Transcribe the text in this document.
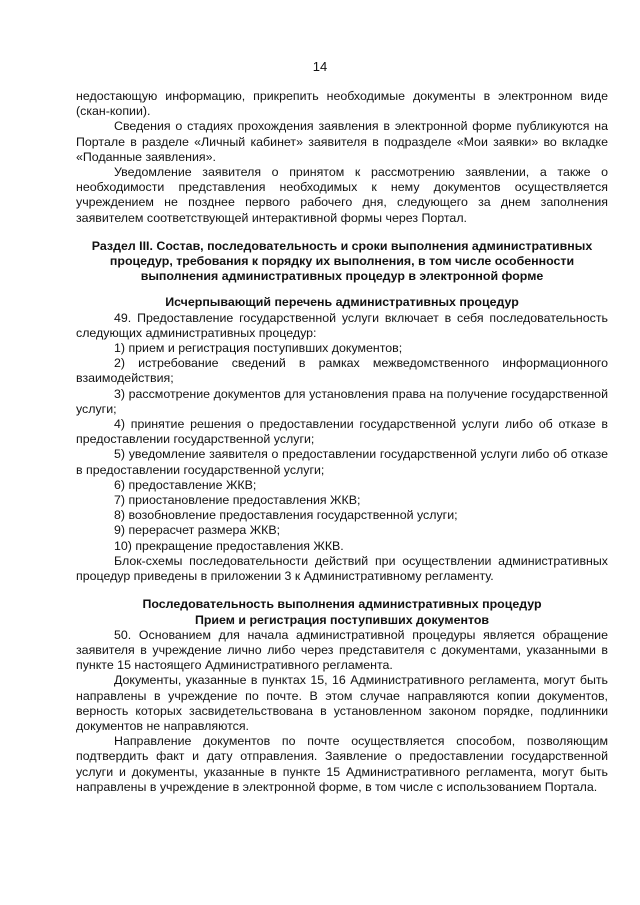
14

недостающую информацию, прикрепить необходимые документы в электронном виде (скан-копии).

Сведения о стадиях прохождения заявления в электронной форме публикуются на Портале в разделе «Личный кабинет» заявителя в подразделе «Мои заявки» во вкладке «Поданные заявления».

Уведомление заявителя о принятом к рассмотрению заявлении, а также о необходимости представления необходимых к нему документов осуществляется учреждением не позднее первого рабочего дня, следующего за днем заполнения заявителем соответствующей интерактивной формы через Портал.

Раздел III. Состав, последовательность и сроки выполнения административных процедур, требования к порядку их выполнения, в том числе особенности выполнения административных процедур в электронной форме

Исчерпывающий перечень административных процедур

49. Предоставление государственной услуги включает в себя последовательность следующих административных процедур:

1) прием и регистрация поступивших документов;

2) истребование сведений в рамках межведомственного информационного взаимодействия;

3) рассмотрение документов для установления права на получение государственной услуги;

4) принятие решения о предоставлении государственной услуги либо об отказе в предоставлении государственной услуги;

5) уведомление заявителя о предоставлении государственной услуги либо об отказе в предоставлении государственной услуги;

6) предоставление ЖКВ;

7) приостановление предоставления ЖКВ;

8) возобновление предоставления государственной услуги;

9) перерасчет размера ЖКВ;

10) прекращение предоставления ЖКВ.

Блок-схемы последовательности действий при осуществлении административных процедур приведены в приложении 3 к Административному регламенту.

Последовательность выполнения административных процедур

Прием и регистрация поступивших документов

50. Основанием для начала административной процедуры является обращение заявителя в учреждение лично либо через представителя с документами, указанными в пункте 15 настоящего Административного регламента.

Документы, указанные в пунктах 15, 16 Административного регламента, могут быть направлены в учреждение по почте. В этом случае направляются копии документов, верность которых засвидетельствована в установленном законом порядке, подлинники документов не направляются.

Направление документов по почте осуществляется способом, позволяющим подтвердить факт и дату отправления. Заявление о предоставлении государственной услуги и документы, указанные в пункте 15 Административного регламента, могут быть направлены в учреждение в электронной форме, в том числе с использованием Портала.
